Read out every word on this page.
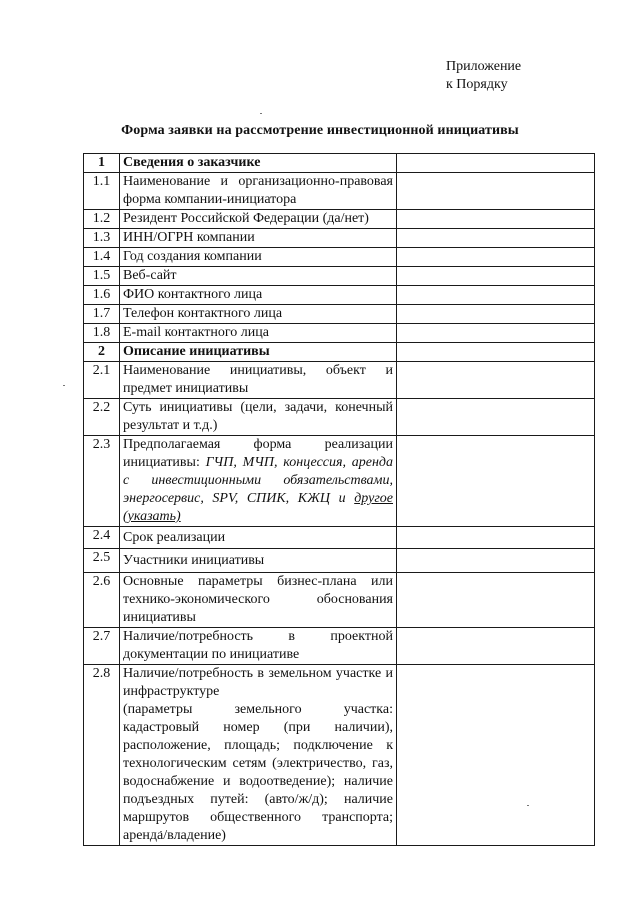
Приложение
к Порядку
Форма заявки на рассмотрение инвестиционной инициативы
1	Сведения о заказчике	
1.1	Наименование и организационно-правовая форма компании-инициатора	
1.2	Резидент Российской Федерации (да/нет)	
1.3	ИНН/ОГРН компании	
1.4	Год создания компании	
1.5	Веб-сайт	
1.6	ФИО контактного лица	
1.7	Телефон контактного лица	
1.8	E-mail контактного лица	
2	Описание инициативы	
2.1	Наименование инициативы, объект и предмет инициативы	
2.2	Суть инициативы (цели, задачи, конечный результат и т.д.)	
2.3	Предполагаемая форма реализации инициативы: ГЧП, МЧП, концессия, аренда с инвестиционными обязательствами, энергосервис, SPV, СПИК, КЖЦ и другое (указать)	
2.4	Срок реализации	
2.5	Участники инициативы	
2.6	Основные параметры бизнес-плана или технико-экономического обоснования инициативы	
2.7	Наличие/потребность в проектной документации по инициативе	
2.8	Наличие/потребность в земельном участке и инфраструктуре
(параметры земельного участка: кадастровый номер (при наличии), расположение, площадь; подключение к технологическим сетям (электричество, газ, водоснабжение и водоотведение); наличие подъездных путей: (авто/ж/д); наличие маршрутов общественного транспорта; аренда/владение)	
